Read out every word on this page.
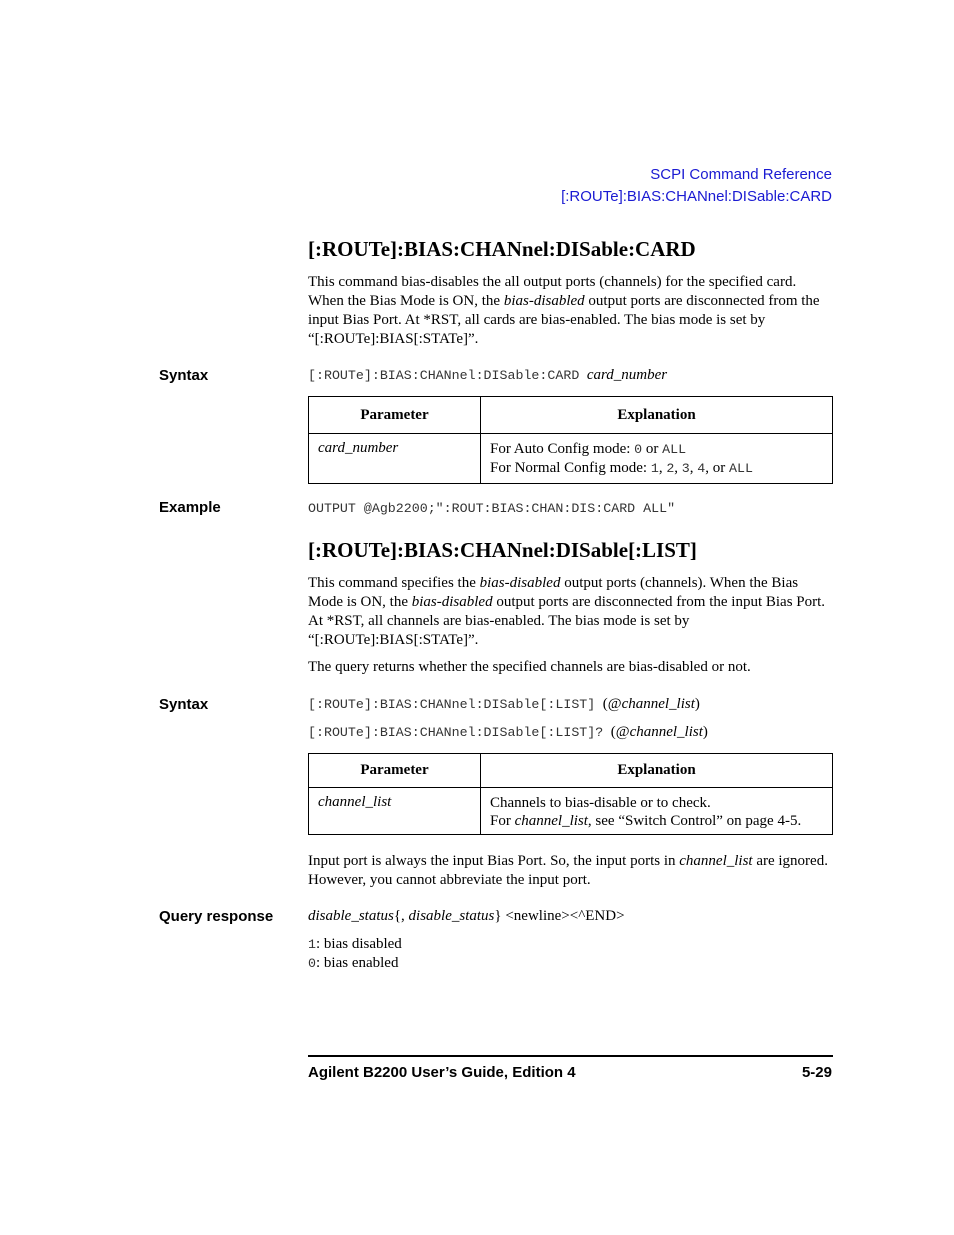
SCPI Command Reference
[:ROUTe]:BIAS:CHANnel:DISable:CARD
[:ROUTe]:BIAS:CHANnel:DISable:CARD

This command bias-disables the all output ports (channels) for the specified card. When the Bias Mode is ON, the bias-disabled output ports are disconnected from the input Bias Port. At *RST, all cards are bias-enabled. The bias mode is set by “[:ROUTe]:BIAS[:STATe]”.

Syntax	[:ROUTe]:BIAS:CHANnel:DISable:CARD card_number
Parameter	Explanation
card_number	For Auto Config mode: 0 or ALL
For Normal Config mode: 1, 2, 3, 4, or ALL
Example	OUTPUT @Agb2200;":ROUT:BIAS:CHAN:DIS:CARD ALL"
[:ROUTe]:BIAS:CHANnel:DISable[:LIST]

This command specifies the bias-disabled output ports (channels). When the Bias Mode is ON, the bias-disabled output ports are disconnected from the input Bias Port. At *RST, all channels are bias-enabled. The bias mode is set by “[:ROUTe]:BIAS[:STATe]”.

The query returns whether the specified channels are bias-disabled or not.

Syntax	[:ROUTe]:BIAS:CHANnel:DISable[:LIST] (@channel_list)
[:ROUTe]:BIAS:CHANnel:DISable[:LIST]? (@channel_list)
Parameter	Explanation
channel_list	Channels to bias-disable or to check.
For channel_list, see “Switch Control” on page 4-5.

Input port is always the input Bias Port. So, the input ports in channel_list are ignored. However, you cannot abbreviate the input port.

Query response disable_status{, disable_status} <newline><^END>
1: bias disabled
0: bias enabled
Agilent B2200 User’s Guide, Edition 4	5-29
